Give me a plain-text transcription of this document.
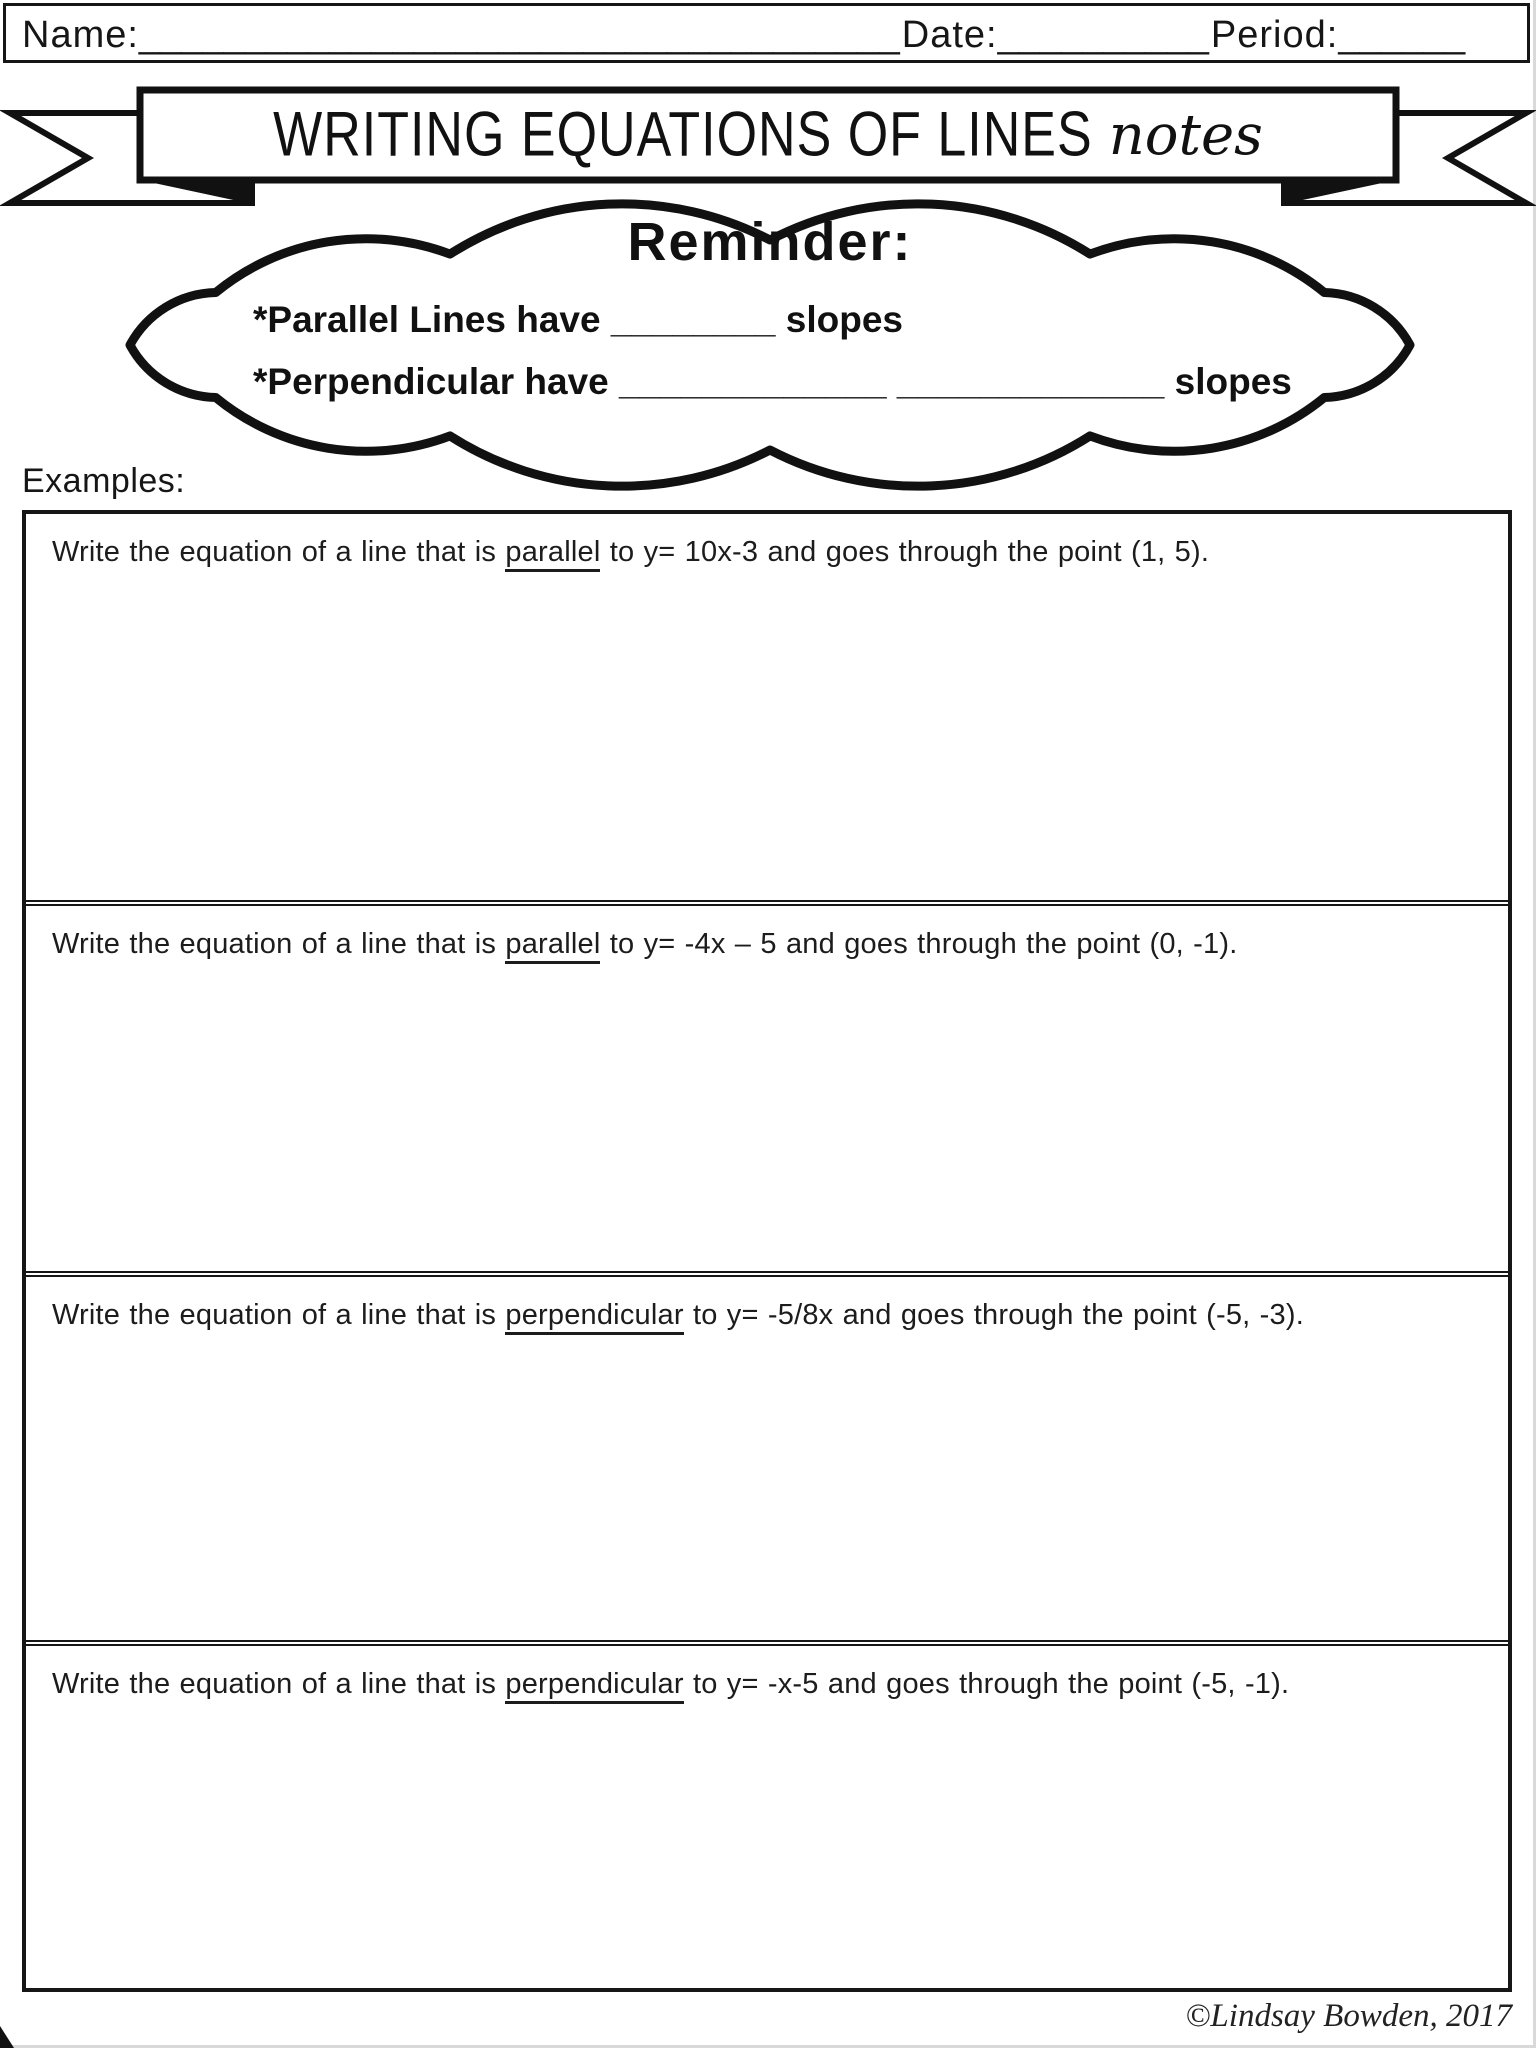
Name: ____________________________________ Date: __________ Period: ______
WRITING EQUATIONS OF LINES notes
Reminder:
*Parallel Lines have ________ slopes
*Perpendicular have _____________ _____________ slopes
Examples:
Write the equation of a line that is parallel to y= 10x-3 and goes through the point (1, 5).
Write the equation of a line that is parallel to y= -4x – 5 and goes through the point (0, -1).
Write the equation of a line that is perpendicular to y= -5/8x and goes through the point (-5, -3).
Write the equation of a line that is perpendicular to y= -x-5 and goes through the point (-5, -1).
©Lindsay Bowden, 2017
